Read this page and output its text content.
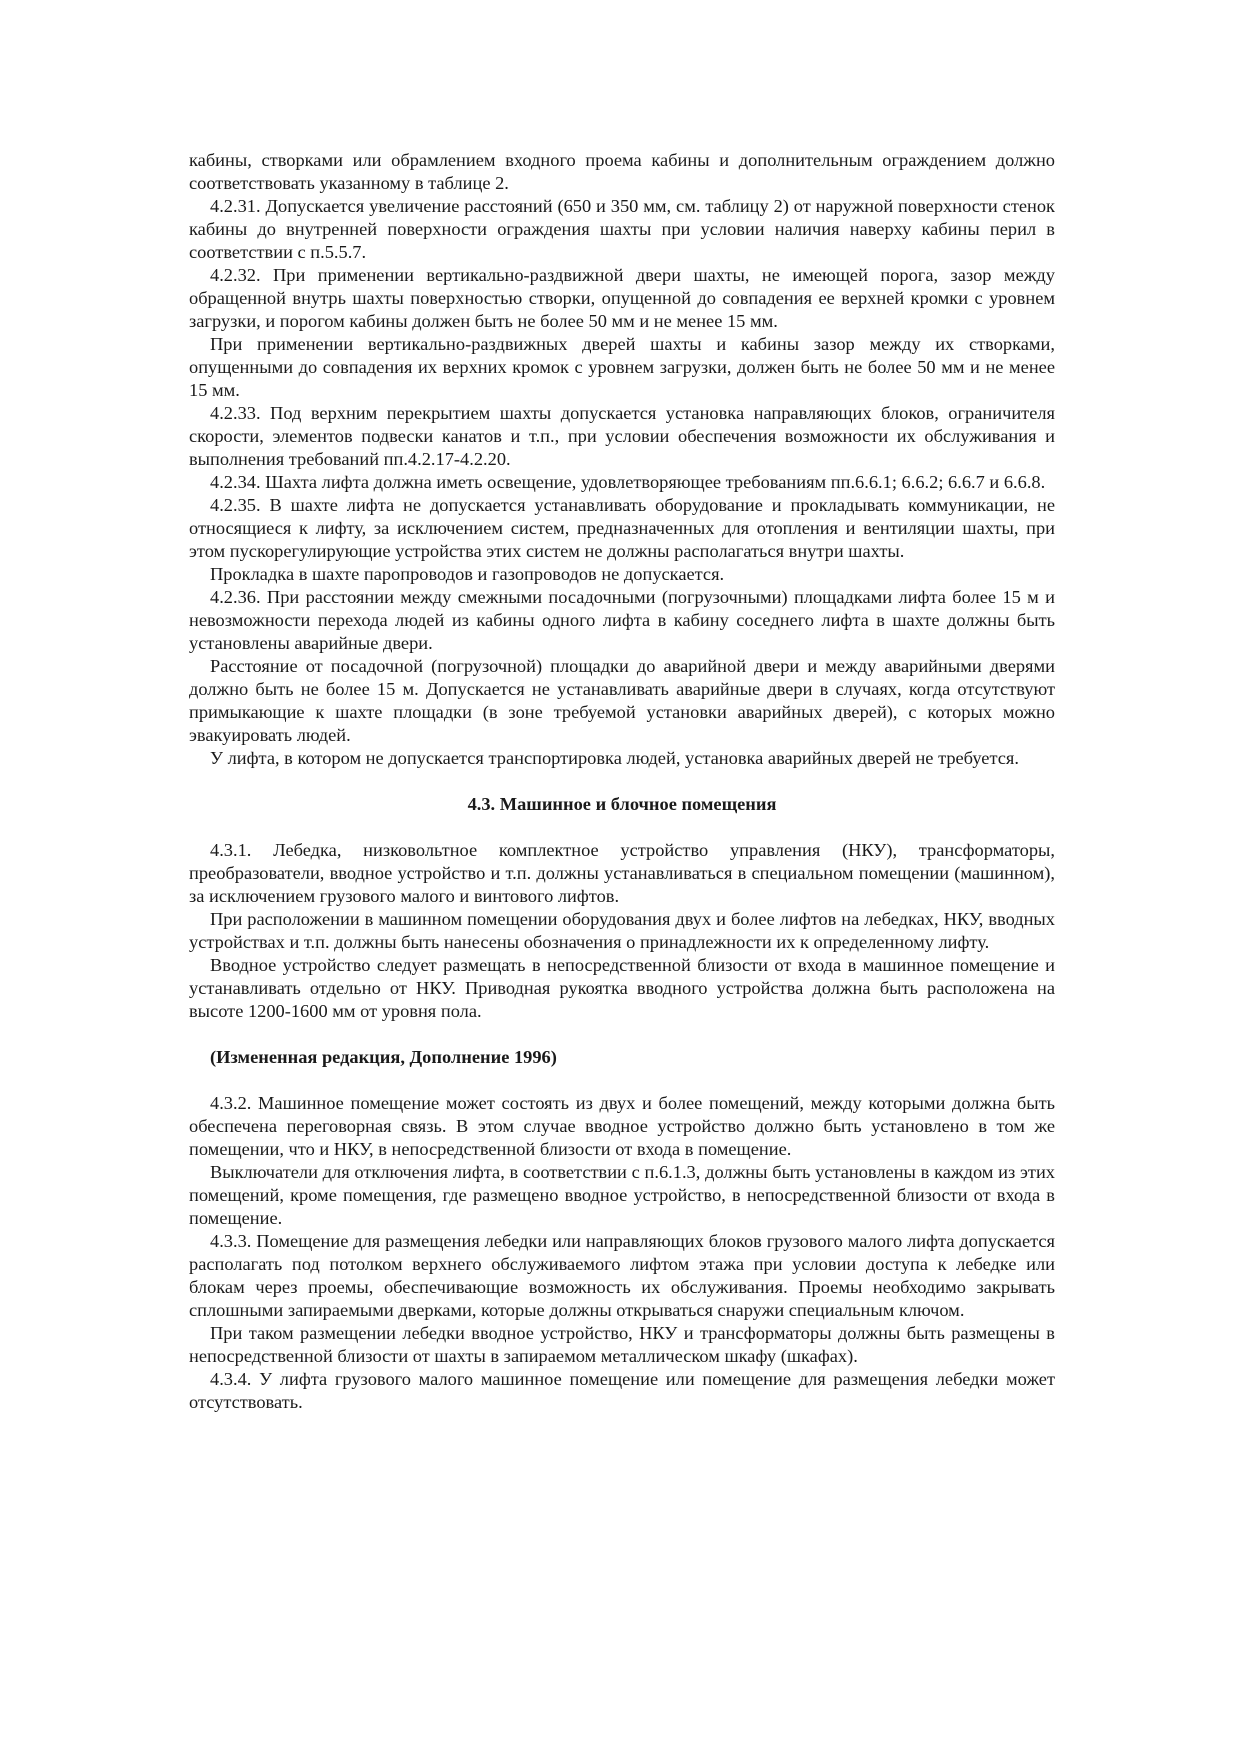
кабины, створками или обрамлением входного проема кабины и дополнительным ограждением должно соответствовать указанному в таблице 2.

4.2.31. Допускается увеличение расстояний (650 и 350 мм, см. таблицу 2) от наружной поверхности стенок кабины до внутренней поверхности ограждения шахты при условии наличия наверху кабины перил в соответствии с п.5.5.7.

4.2.32. При применении вертикально-раздвижной двери шахты, не имеющей порога, зазор между обращенной внутрь шахты поверхностью створки, опущенной до совпадения ее верхней кромки с уровнем загрузки, и порогом кабины должен быть не более 50 мм и не менее 15 мм.

При применении вертикально-раздвижных дверей шахты и кабины зазор между их створками, опущенными до совпадения их верхних кромок с уровнем загрузки, должен быть не более 50 мм и не менее 15 мм.

4.2.33. Под верхним перекрытием шахты допускается установка направляющих блоков, ограничителя скорости, элементов подвески канатов и т.п., при условии обеспечения возможности их обслуживания и выполнения требований пп.4.2.17-4.2.20.

4.2.34. Шахта лифта должна иметь освещение, удовлетворяющее требованиям пп.6.6.1; 6.6.2; 6.6.7 и 6.6.8.

4.2.35. В шахте лифта не допускается устанавливать оборудование и прокладывать коммуникации, не относящиеся к лифту, за исключением систем, предназначенных для отопления и вентиляции шахты, при этом пускорегулирующие устройства этих систем не должны располагаться внутри шахты.

Прокладка в шахте паропроводов и газопроводов не допускается.

4.2.36. При расстоянии между смежными посадочными (погрузочными) площадками лифта более 15 м и невозможности перехода людей из кабины одного лифта в кабину соседнего лифта в шахте должны быть установлены аварийные двери.

Расстояние от посадочной (погрузочной) площадки до аварийной двери и между аварийными дверями должно быть не более 15 м. Допускается не устанавливать аварийные двери в случаях, когда отсутствуют примыкающие к шахте площадки (в зоне требуемой установки аварийных дверей), с которых можно эвакуировать людей.

У лифта, в котором не допускается транспортировка людей, установка аварийных дверей не требуется.

4.3. Машинное и блочное помещения

4.3.1. Лебедка, низковольтное комплектное устройство управления (НКУ), трансформаторы, преобразователи, вводное устройство и т.п. должны устанавливаться в специальном помещении (машинном), за исключением грузового малого и винтового лифтов.

При расположении в машинном помещении оборудования двух и более лифтов на лебедках, НКУ, вводных устройствах и т.п. должны быть нанесены обозначения о принадлежности их к определенному лифту.

Вводное устройство следует размещать в непосредственной близости от входа в машинное помещение и устанавливать отдельно от НКУ. Приводная рукоятка вводного устройства должна быть расположена на высоте 1200-1600 мм от уровня пола.

(Измененная редакция, Дополнение 1996)

4.3.2. Машинное помещение может состоять из двух и более помещений, между которыми должна быть обеспечена переговорная связь. В этом случае вводное устройство должно быть установлено в том же помещении, что и НКУ, в непосредственной близости от входа в помещение.

Выключатели для отключения лифта, в соответствии с п.6.1.3, должны быть установлены в каждом из этих помещений, кроме помещения, где размещено вводное устройство, в непосредственной близости от входа в помещение.

4.3.3. Помещение для размещения лебедки или направляющих блоков грузового малого лифта допускается располагать под потолком верхнего обслуживаемого лифтом этажа при условии доступа к лебедке или блокам через проемы, обеспечивающие возможность их обслуживания. Проемы необходимо закрывать сплошными запираемыми дверками, которые должны открываться снаружи специальным ключом.

При таком размещении лебедки вводное устройство, НКУ и трансформаторы должны быть размещены в непосредственной близости от шахты в запираемом металлическом шкафу (шкафах).

4.3.4. У лифта грузового малого машинное помещение или помещение для размещения лебедки может отсутствовать.
